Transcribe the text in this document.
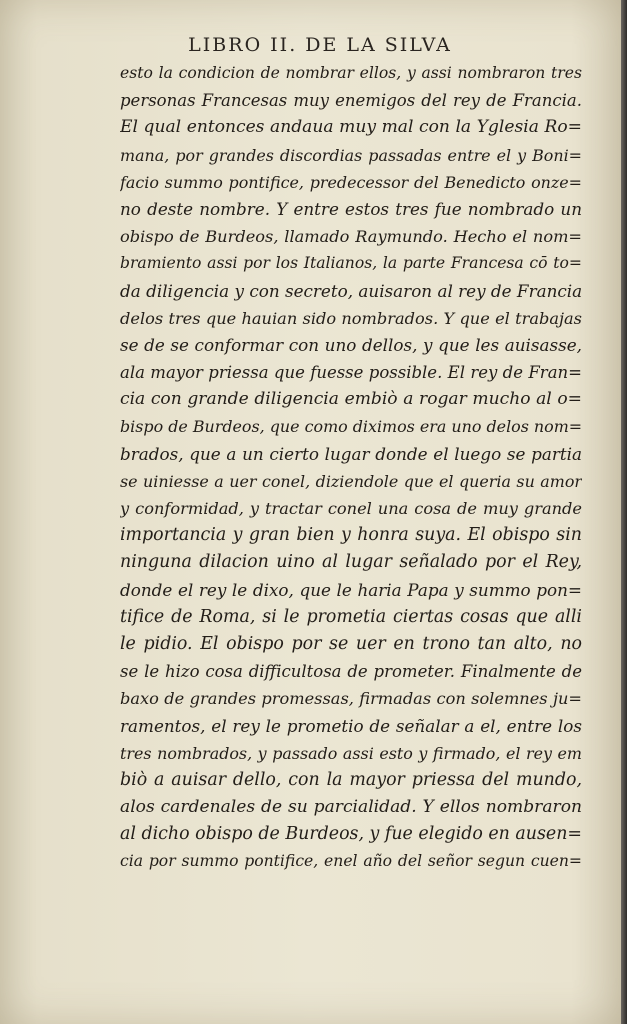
LIBRO II. DE LA SILVA
esto la condicion de nombrar ellos, y assi nombraron tres
personas Francesas muy enemigos del rey de Francia.
El qual entonces andaua muy mal con la Yglesia Ro=
mana, por grandes discordias passadas entre el y Boni=
facio summo pontifice, predecessor del Benedicto onze=
no deste nombre. Y entre estos tres fue nombrado un
obispo de Burdeos, llamado Raymundo. Hecho el nom=
bramiento assi por los Italianos, la parte Francesa cō to=
da diligencia y con secreto, auisaron al rey de Francia
delos tres que hauian sido nombrados. Y que el trabajas
se de se conformar con uno dellos, y que les auisasse,
ala mayor priessa que fuesse possible. El rey de Fran=
cia con grande diligencia embiò a rogar mucho al o=
bispo de Burdeos, que como diximos era uno delos nom=
brados, que a un cierto lugar donde el luego se partia
se uiniesse a uer conel, diziendole que el queria su amor
y conformidad, y tractar conel una cosa de muy grande
importancia y gran bien y honra suya. El obispo sin
ninguna dilacion uino al lugar señalado por el Rey,
donde el rey le dixo, que le haria Papa y summo pon=
tifice de Roma, si le prometia ciertas cosas que alli
le pidio. El obispo por se uer en trono tan alto, no
se le hizo cosa difficultosa de prometer. Finalmente de
baxo de grandes promessas, firmadas con solemnes ju=
ramentos, el rey le prometio de señalar a el, entre los
tres nombrados, y passado assi esto y firmado, el rey em
biò a auisar dello, con la mayor priessa del mundo,
alos cardenales de su parcialidad. Y ellos nombraron
al dicho obispo de Burdeos, y fue elegido en ausen=
cia por summo pontifice, enel año del señor segun cuen=
